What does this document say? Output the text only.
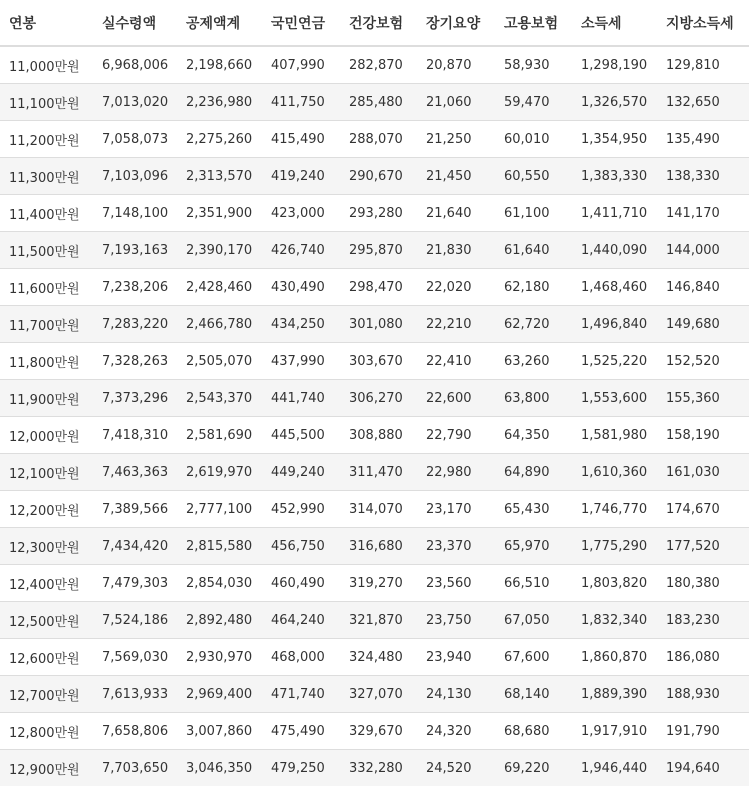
연봉	실수령액	공제액계	국민연금	건강보험	장기요양	고용보험	소득세	지방소득세
11,000만원	6,968,006	2,198,660	407,990	282,870	20,870	58,930	1,298,190	129,810
11,100만원	7,013,020	2,236,980	411,750	285,480	21,060	59,470	1,326,570	132,650
11,200만원	7,058,073	2,275,260	415,490	288,070	21,250	60,010	1,354,950	135,490
11,300만원	7,103,096	2,313,570	419,240	290,670	21,450	60,550	1,383,330	138,330
11,400만원	7,148,100	2,351,900	423,000	293,280	21,640	61,100	1,411,710	141,170
11,500만원	7,193,163	2,390,170	426,740	295,870	21,830	61,640	1,440,090	144,000
11,600만원	7,238,206	2,428,460	430,490	298,470	22,020	62,180	1,468,460	146,840
11,700만원	7,283,220	2,466,780	434,250	301,080	22,210	62,720	1,496,840	149,680
11,800만원	7,328,263	2,505,070	437,990	303,670	22,410	63,260	1,525,220	152,520
11,900만원	7,373,296	2,543,370	441,740	306,270	22,600	63,800	1,553,600	155,360
12,000만원	7,418,310	2,581,690	445,500	308,880	22,790	64,350	1,581,980	158,190
12,100만원	7,463,363	2,619,970	449,240	311,470	22,980	64,890	1,610,360	161,030
12,200만원	7,389,566	2,777,100	452,990	314,070	23,170	65,430	1,746,770	174,670
12,300만원	7,434,420	2,815,580	456,750	316,680	23,370	65,970	1,775,290	177,520
12,400만원	7,479,303	2,854,030	460,490	319,270	23,560	66,510	1,803,820	180,380
12,500만원	7,524,186	2,892,480	464,240	321,870	23,750	67,050	1,832,340	183,230
12,600만원	7,569,030	2,930,970	468,000	324,480	23,940	67,600	1,860,870	186,080
12,700만원	7,613,933	2,969,400	471,740	327,070	24,130	68,140	1,889,390	188,930
12,800만원	7,658,806	3,007,860	475,490	329,670	24,320	68,680	1,917,910	191,790
12,900만원	7,703,650	3,046,350	479,250	332,280	24,520	69,220	1,946,440	194,640
